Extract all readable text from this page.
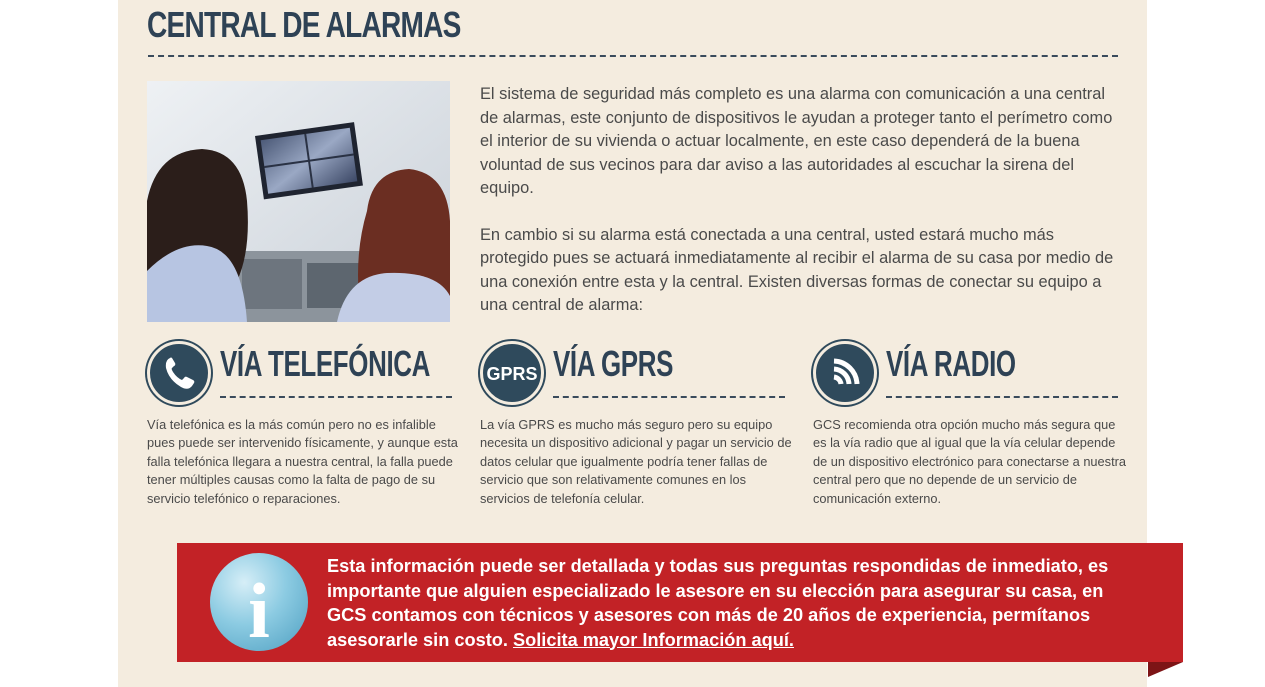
CENTRAL DE ALARMAS

El sistema de seguridad más completo es una alarma con comunicación a una central de alarmas, este conjunto de dispositivos le ayudan a proteger tanto el perímetro como el interior de su vivienda o actuar localmente, en este caso dependerá de la buena voluntad de sus vecinos para dar aviso a las autoridades al escuchar la sirena del equipo.

En cambio si su alarma está conectada a una central, usted estará mucho más protegido pues se actuará inmediatamente al recibir el alarma de su casa por medio de una conexión entre esta y la central. Existen diversas formas de conectar su equipo a una central de alarma:

VÍA TELEFÓNICA

Vía telefónica es la más común pero no es infalible pues puede ser intervenido físicamente, y aunque esta falla telefónica llegara a nuestra central, la falla puede tener múltiples causas como la falta de pago de su servicio telefónico o reparaciones.

GPRS VÍA GPRS

La vía GPRS es mucho más seguro pero su equipo necesita un dispositivo adicional y pagar un servicio de datos celular que igualmente podría tener fallas de servicio que son relativamente comunes en los servicios de telefonía celular.

VÍA RADIO

GCS recomienda otra opción mucho más segura que es la vía radio que al igual que la vía celular depende de un dispositivo electrónico para conectarse a nuestra central pero que no depende de un servicio de comunicación externo.

i

Esta información puede ser detallada y todas sus preguntas respondidas de inmediato, es importante que alguien especializado le asesore en su elección para asegurar su casa, en GCS contamos con técnicos y asesores con más de 20 años de experiencia, permítanos asesorarle sin costo. Solicita mayor Información aquí.
